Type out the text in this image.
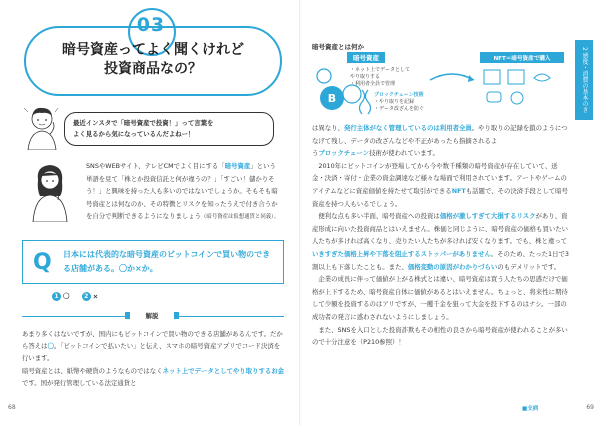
03
暗号資産ってよく聞くけれど
投資商品なの？
最近インスタで「暗号資産で投資！」って言葉を
よく見るから気になっているんだよねー！
SNSやWEBサイト、テレビCMでよく目にする「暗号資産」という単語を見て「株とか投資信託と何が違うの？」「すごい！儲かりそう！」と興味を持った人も多いのではないでしょうか。そもそも暗号資産とは何なのか、その特徴とリスクを知ったうえで付き合うかを自分で判断できるようになりましょう（暗号資産は仮想通貨と同義）。
Q 日本には代表的な暗号資産のビットコインで買い物のできる店舗がある。〇か×か。
1 〇 2 ×
解説
あまり多くはないですが、国内にもビットコインで買い物のできる店舗があるんです。だから答えは〇。「ビットコインで払いたい」と伝え、スマホの暗号資産アプリでコード決済を行います。
暗号資産とは、紙幣や硬貨のようなものではなくネット上でデータとしてやり取りするお金です。国が発行管理している法定通貨と
68
暗号資産とは何か
B
暗号資産
・ネット上でデータとして
やり取りする
・利用者全員で管理
ブロックチェーン技術
・やり取りを記録
・データ改ざんを防ぐ
NFT＝暗号資産で購入

は異なり、発行主体がなく管理しているのは利用者全員。やり取りの記録を鎖のようにつなげて残し、データの改ざんなどや不正があったら指摘されるよ

うブロックチェーン技術が使われています。

　2010年にビットコインが登場してから今や数千種類の暗号資産が存在していて、送金・決済・寄付・企業の資金調達など様々な場面で利用されています。アートやゲームのアイテムなどに資産価値を持たせて取引ができるNFTも話題で、その決済手段として暗号資産を持つ人もいるでしょう。

　便利な点も多い半面、暗号資産への投資は価格が激しすぎて大損するリスクがあり、資産形成に向いた投資商品とはいえません。株価と同じように、暗号資産の価格も買いたい人たちが多ければ高くなり、売りたい人たちが多ければ安くなります。でも、株と違っていきすぎた価格上昇や下落を阻止するストッパーがありません。そのため、たった1日で3割以上も下落したことも。また、価格変動の原因がわかりづらいのもデメリットです。

　企業の成長に伴って価値が上がる株式とは違い、暗号資産は買う人たちの思惑だけで価格が上下するため、暗号資産自体に価値があるとはいえません。ちょっと、将来性に期待して少額を投資するのはアリですが、一攫千金を狙って大金を投下するのはナシ。一部の成功者の発言に惑わされないようにしましょう。

　また、SNSを入口とした投資詐欺もその相性の良さから暗号資産が使われることが多いので十分注意を（P210参照）！

2 感度・消費の基本のき
■支病	69
